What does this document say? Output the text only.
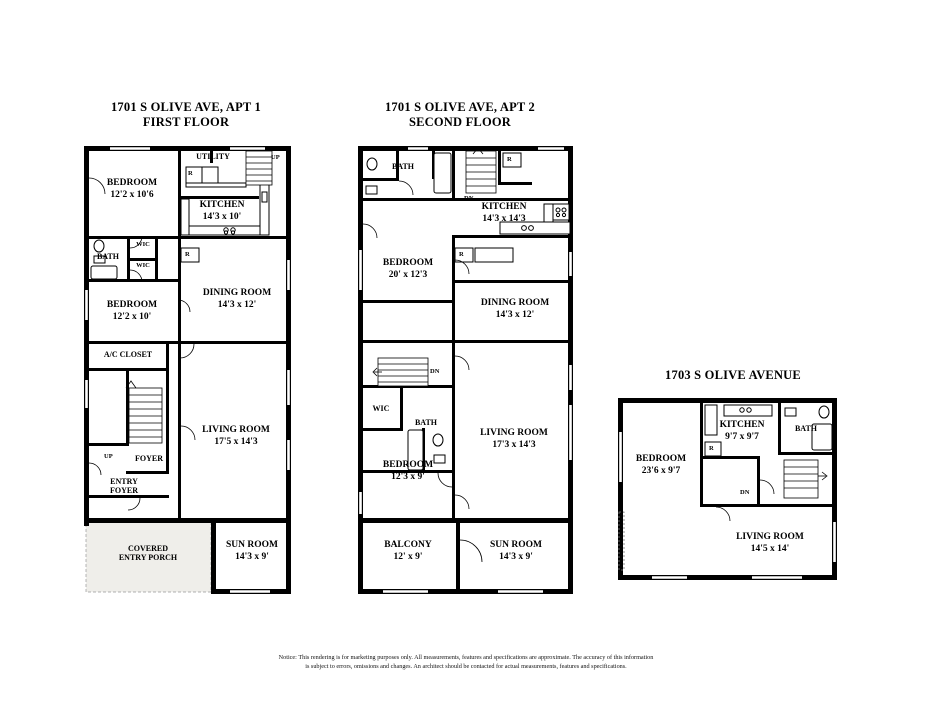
1701 S OLIVE AVE, APT 1
FIRST FLOOR
BEDROOM
12'2 x 10'6
UTILITY
KITCHEN
14'3 x 10'
BATH
WIC
WIC
BEDROOM
12'2 x 10'
DINING ROOM
14'3 x 12'
A/C CLOSET
LIVING ROOM
17'5 x 14'3
FOYER
ENTRY
FOYER
COVERED
ENTRY PORCH
SUN ROOM
14'3 x 9'
UP
UP
R
R
1701 S OLIVE AVE, APT 2
SECOND FLOOR
BATH
KITCHEN
14'3 x 14'3
BEDROOM
20' x 12'3
DINING ROOM
14'3 x 12'
WIC
BATH
LIVING ROOM
17'3 x 14'3
BEDROOM
12'3 x 9'
BALCONY
12' x 9'
SUN ROOM
14'3 x 9'
DN
DN
R
R
1703 S OLIVE AVENUE
KITCHEN
9'7 x 9'7
BATH
BEDROOM
23'6 x 9'7
LIVING ROOM
14'5 x 14'
DN
R
Notice: This rendering is for marketing purposes only. All measurements, features and specifications are approximate. The accuracy of this information
is subject to errors, omissions and changes. An architect should be contacted for actual measurements, features and specifications.
